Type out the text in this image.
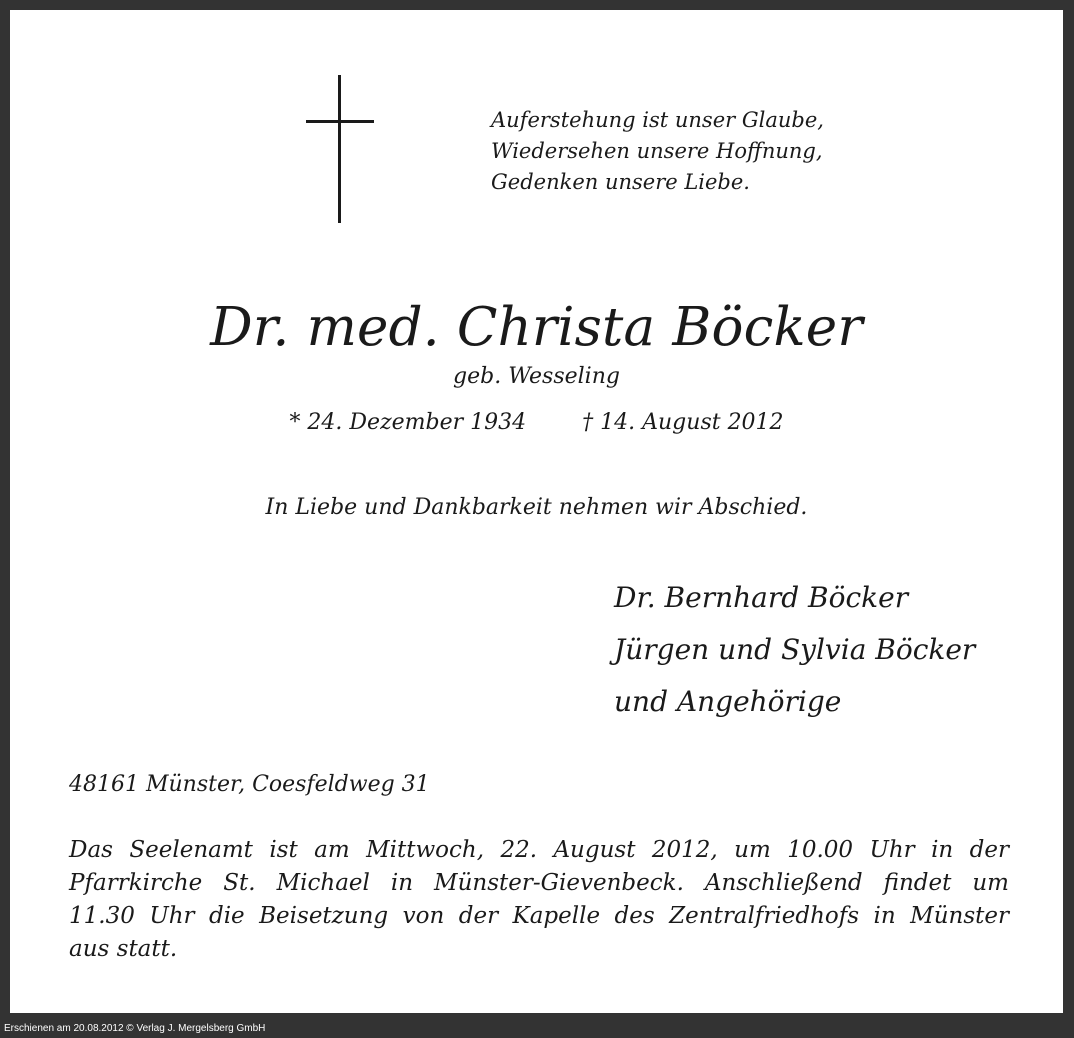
Auferstehung ist unser Glaube,
Wiedersehen unsere Hoffnung,
Gedenken unsere Liebe.
Dr. med. Christa Böcker
geb. Wesseling
* 24. Dezember 1934	† 14. August 2012
In Liebe und Dankbarkeit nehmen wir Abschied.
Dr. Bernhard Böcker
Jürgen und Sylvia Böcker
und Angehörige
48161 Münster, Coesfeldweg 31
Das Seelenamt ist am Mittwoch, 22. August 2012, um 10.00 Uhr in der
Pfarrkirche St. Michael in Münster-Gievenbeck. Anschließend findet um
11.30 Uhr die Beisetzung von der Kapelle des Zentralfriedhofs in Münster
aus statt.
Erschienen am 20.08.2012 © Verlag J. Mergelsberg GmbH
